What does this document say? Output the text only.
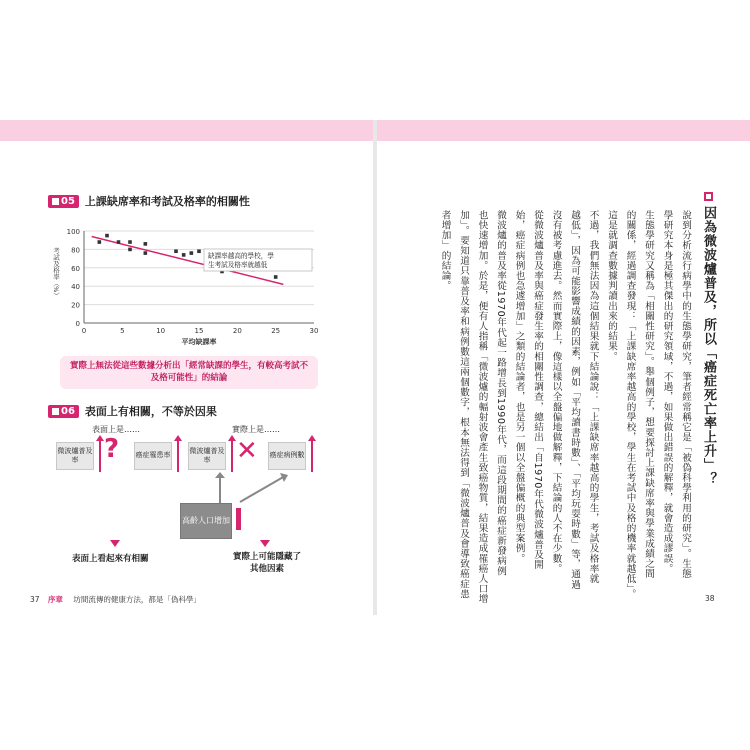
05 上課缺席率和考試及格率的相關性
0
20
40
60
80
100
0	5	10	15	20	25	30
考試及格率（%）
平均缺課率
缺課率越高的學校，學
生考試及格率就越低
實際上無法從這些數據分析出「經常缺課的學生，有較高考試不及格可能性」的結論
06 表面上有相關，不等於因果
表面上是……	實際上是……
微波爐普及率 ? 癌症罹患率
微波爐普及率 ✕ 癌症病例數
高齡人口增加
表面上看起來有相關	實際上可能隱藏了其他因素
37 序章 坊間流傳的健康方法，都是「偽科學」
因為微波爐普及，所以「癌症死亡率上升」？
說到分析流行病學中的生態學研究，筆者經常稱它是「被偽科學利用的研究」。生態
學研究本身是極其傑出的研究領域，不過，如果做出錯誤的解釋，就會造成謬誤。
生態學研究又稱為「相關性研究」。舉個例子，想要探討上課缺席率與學業成績之間
的關係，經過調查發現：「上課缺席率越高的學校，學生在考試中及格的機率就越低」。
這是就調查數據判讀出來的結果。
不過，我們無法因為這個結果就下結論說：「上課缺席率越高的學生，考試及格率就
越低」，因為可能影響成績的因素，例如「平均讀書時數」、「平均玩耍時數」等，通過
沒有被考慮進去。然而實際上，像這樣以全盤偏地做解釋，下結論的人不在少數。
從微波爐普及率與癌症發生率的相關性調查，總結出「自1970年代微波爐普及開
始，癌症病例也急遽增加」之類的結論者，也是另一個以全盤偏概的典型案例。
微波爐的普及率從1970年代起一路增長到1990年代，而這段期間的癌症新發病例
也快速增加。於是，便有人指稱「微波爐的輻射波會產生致癌物質，結果造成罹癌人口增
加」。要知道只靠普及率和病例數這兩個數字，根本無法得到「微波爐普及會導致癌症患
者增加」的結論。
38
